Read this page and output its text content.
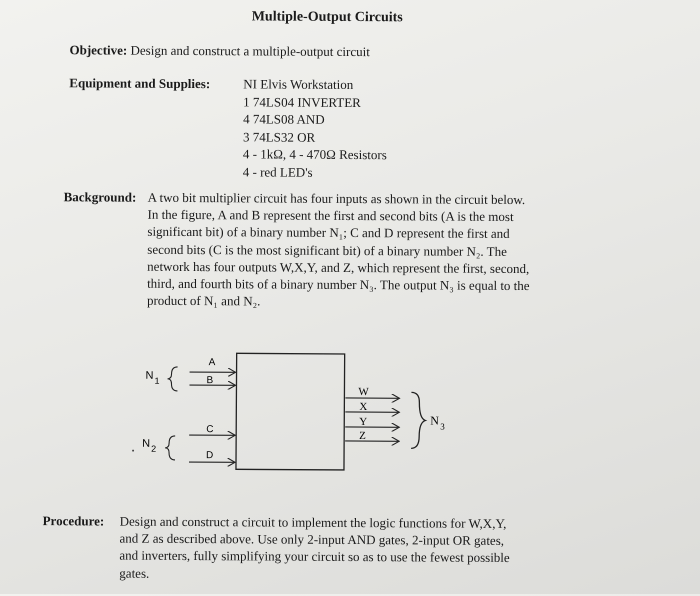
Multiple-Output Circuits
Objective: Design and construct a multiple-output circuit
Equipment and Supplies:	NI Elvis Workstation
1 74LS04 INVERTER
4 74LS08 AND
3 74LS32 OR
4 - 1kΩ, 4 - 470Ω Resistors
4 - red LED's
Background: A two bit multiplier circuit has four inputs as shown in the circuit below.
In the figure, A and B represent the first and second bits (A is the most
significant bit) of a binary number N₁; C and D represent the first and
second bits (C is the most significant bit) of a binary number N₂. The
network has four outputs W,X,Y, and Z, which represent the first, second,
third, and fourth bits of a binary number N₃. The output N₃ is equal to the
product of N₁ and N₂.
A
B
C
D
N 1
N 2
W
X
Y
Z
N 3
Procedure: Design and construct a circuit to implement the logic functions for W,X,Y,
and Z as described above. Use only 2-input AND gates, 2-input OR gates,
and inverters, fully simplifying your circuit so as to use the fewest possible
gates.
